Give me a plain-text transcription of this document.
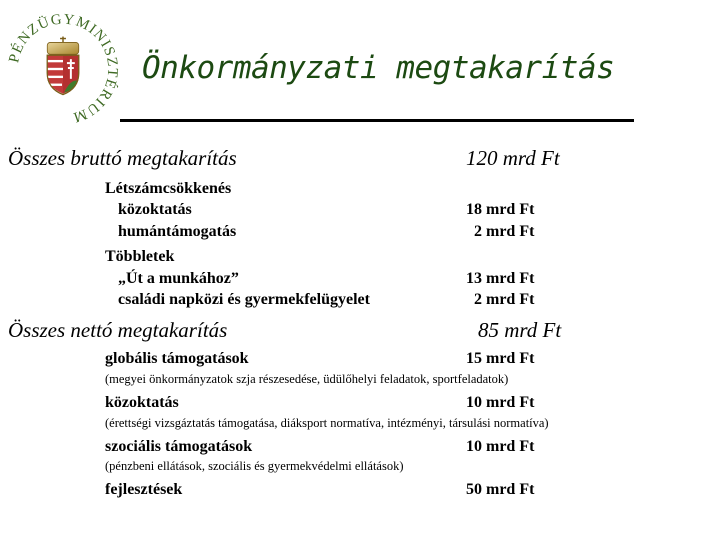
PÉNZÜGYMINISZTÉRIUM
Önkormányzati megtakarítás
Összes bruttó megtakarítás	120 mrd Ft
Létszámcsökkenés
közoktatás	18 mrd Ft
humántámogatás	2 mrd Ft
Többletek
„Út a munkához”	13 mrd Ft
családi napközi és gyermekfelügyelet	2 mrd Ft
Összes nettó megtakarítás	85 mrd Ft
globális támogatások	15 mrd Ft
(megyei önkormányzatok szja részesedése, üdülőhelyi feladatok, sportfeladatok)
közoktatás	10 mrd Ft
(érettségi vizsgáztatás támogatása, diáksport normatíva, intézményi, társulási normatíva)
szociális támogatások	10 mrd Ft
(pénzbeni ellátások, szociális és gyermekvédelmi ellátások)
fejlesztések	50 mrd Ft
